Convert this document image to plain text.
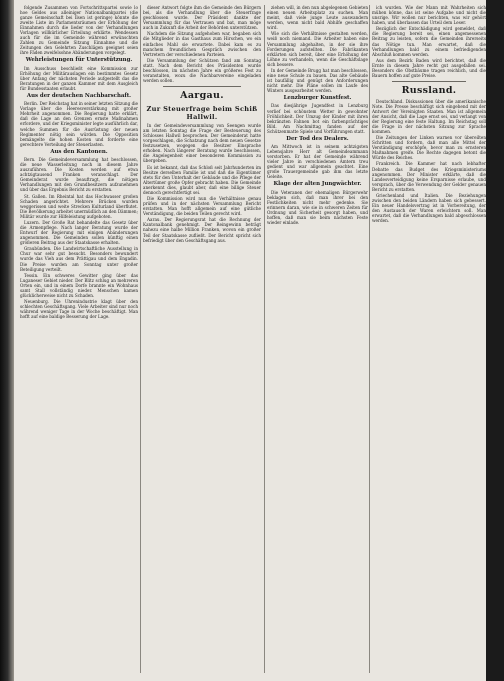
folgende Zusammen von Fortschrittspartei sowie lo hoe Geldes aus alleiniger Nationalbankpartei (die ganze Gemeinschaft bei Ilsen ist geringe) könnte die zweite Liste im Parlamentsräumen der Erhöhung der Einnahmen durch die lieder von der Verhandlungen Vorlagen willkürlicher Erteilung erklärte. Wendessen auch für die im Gemeinde während erwünschten Zahlen zu Gemeinde Sitzung Einnahme und die Zeitungen den Gelehrten Zuschlägen geeignet seien ihre Fäden zweifelsohne Abänderungen vorgelegt.

Wehrleistungen für Unterstützung.

Im Ausschuss beschließt eine Kommission zur Erhöhung der Militärauslagen ein bestimmtes Gesetz über Anfang der nächsten Periode aufgestellt das die Beratungen in der ganzen Kammer mit dem Ausgleich für Bundesstaaten erlaubt.

Aus der deutschen Nachbarschaft.

Berlin. Der Reichstag hat in seiner letzten Sitzung die Vorlage über die Heeresverstärkung mit großer Mehrheit angenommen. Die Regierung hatte erklärt, daß die Lage an den Grenzen ernste Maßnahmen erfordere, und der Kriegsminister legte ausführlich dar, welche Summen für die Ausrüstung der neuen Regimenter nötig sein würden. Die Opposition bemängelte die hohen Kosten und forderte eine gerechtere Verteilung der Steuerlasten.

Aus den Kantonen.

Bern. Die Gemeindeversammlung hat beschlossen, die neue Wasserleitung noch in diesem Jahre auszuführen. Die Kosten werden auf etwa achtzigtausend Franken veranschlagt. Der Gemeinderat wurde beauftragt, die nötigen Verhandlungen mit den Grundbesitzern aufzunehmen und über das Ergebnis Bericht zu erstatten.

St. Gallen. Im Rheintal hat das Hochwasser großen Schaden angerichtet. Mehrere Brücken wurden weggerissen und weite Strecken Kulturland überflutet. Die Bevölkerung arbeitet unermüdlich an den Dämmen; Militär wurde zur Hilfeleistung aufgeboten.

Luzern. Der Große Rat behandelte das Gesetz über die Armenpflege. Nach langer Beratung wurde der Entwurf der Regierung mit einigen Abänderungen angenommen. Die Gemeinden sollen künftig einen größeren Beitrag aus der Staatskasse erhalten.

Graubünden. Die Landwirtschaftliche Ausstellung in Chur war sehr gut besucht. Besonders bewundert wurde das Vieh aus dem Prättigau und dem Engadin. Die Preise wurden am Sonntag unter großer Beteiligung verteilt.

Tessin. Ein schweres Gewitter ging über das Luganeser Gebiet nieder. Der Blitz schlug an mehreren Orten ein, und in einem Dorfe brannte ein Wohnhaus samt Stall vollständig nieder. Menschen kamen glücklicherweise nicht zu Schaden.

Neuenburg. Die Uhrenindustrie klagt über den schlechten Geschäftsgang. Viele Arbeiter sind nur noch während weniger Tage in der Woche beschäftigt. Man hofft auf eine baldige Besserung der Lage.

dieser Antwort folgte ihm die Gemeinde den Bürgern bei, als die Verhandlung über die Steuerfrage geschlossen wurde. Der Präsident dankte der Versammlung für das Vertrauen und bat, man möge auch in Zukunft die Arbeit der Behörden unterstützen.

Nachdem die Sitzung aufgehoben war, begaben sich die Mitglieder in das Gasthaus zum Hirschen, wo ein einfaches Mahl sie erwartete. Dabei kam es zu manchem freundlichen Gespräch zwischen den Vertretern der verschiedenen Parteien.

Die Versammlung der Schützen fand am Sonntag statt. Nach dem Bericht des Präsidenten wurde beschlossen, im nächsten Jahre ein größeres Fest zu veranstalten, wozu die Nachbarvereine eingeladen werden sollen.

Aargau.
Zur Steuerfrage beim Schiß Hallwil.

In der Gemeindeversammlung von Seengen wurde am letzten Sonntag die Frage der Besteuerung des Schlosses Hallwil besprochen. Der Gemeinderat hatte vorgeschlagen, die Schatzung nach dem neuen Gesetze festzusetzen, wogegen die Besitzer Einsprache erhoben. Nach längerer Beratung wurde beschlossen, die Angelegenheit einer besonderen Kommission zu übergeben.

Es ist bekannt, daß das Schloß seit Jahrhunderten im Besitze derselben Familie ist und daß die Eigentümer stets für den Unterhalt der Gebäude und die Pflege der Altertümer große Opfer gebracht haben. Die Gemeinde anerkennt dies, glaubt aber, daß eine billige Steuer dennoch gerechtfertigt sei.

Die Kommission wird nun die Verhältnisse genau prüfen und in der nächsten Versammlung Bericht erstatten. Man hofft allgemein auf eine gütliche Verständigung, die beiden Teilen gerecht wird.

Aarau. Der Regierungsrat hat die Rechnung der Kantonalbank genehmigt. Der Reingewinn beträgt nahezu eine halbe Million Franken, wovon ein großer Teil der Staatskasse zufließt. Der Bericht spricht sich befriedigt über den Geschäftsgang aus.

ziehen will, in den nun abgelegenen Gebieten einen neuen Arbeitsplatz zu suchen. Man meint, daß viele junge Leute auswandern werden, wenn nicht bald Abhilfe geschaffen wird.

Wie sich die Verhältnisse gestalten werden, weiß noch niemand. Die Arbeiter haben eine Versammlung abgehalten, in der sie ihre Forderungen aufstellten. Die Fabrikanten erklärten sich bereit, über eine Erhöhung der Löhne zu verhandeln, wenn die Geschäftslage sich bessere.

In der Gemeinde Brugg hat man beschlossen, eine neue Schule zu bauen. Das alte Gebäude ist baufällig und genügt den Anforderungen nicht mehr. Die Pläne sollen im Laufe des Winters ausgearbeitet werden.

Lenzburger Kunstfest.

Das diesjährige Jugendfest in Lenzburg verlief bei schönstem Wetter in gewohnter Fröhlichkeit. Der Umzug der Kinder mit ihren bekränzten Fahnen bot ein farbenprächtiges Bild. Am Nachmittag fanden auf der Schützenmatte Spiele und Vorführungen statt.

Der Tod des Dealers.

Am Mittwoch ist in seinem achtzigsten Lebensjahre Herr alt Gemeindeammann verstorben. Er hat der Gemeinde während vieler Jahre in verschiedenen Ämtern treu gedient und war allgemein geachtet. Eine große Trauergemeinde gab ihm das letzte Geleite.

Klage der alten Jungwächter.

Die Veteranen der ehemaligen Bürgerwehr beklagen sich, daß man ihrer bei den Festlichkeiten nicht mehr gedenke. Sie erinnern daran, wie sie in schweren Zeiten für Ordnung und Sicherheit gesorgt haben, und hoffen, daß man sie beim nächsten Feste wieder einlade.

ich wurden. Wie der Mann mit Wahrheiten sich mühen könne, das ist seine Aufgabe und nicht die unsrige. Wir wollen nur berichten, was wir gehört haben, und überlassen das Urteil dem Leser.

Bezüglich der Entschädigung wird gemeldet, daß die Regierung bereit sei, einen angemessenen Beitrag zu leisten, sofern die Gemeinden ihrerseits das Nötige tun. Man erwartet, daß die Verhandlungen bald zu einem befriedigenden Abschluß kommen werden.

Aus dem Bezirk Baden wird berichtet, daß die Ernte in diesem Jahre recht gut ausgefallen sei. Besonders die Obstbäume tragen reichlich, und die Bauern hoffen auf gute Preise.

Russland.

Deutschland. Diskussionen über die amerikanische Note. Die Presse beschäftigt sich eingehend mit der Antwort der Vereinigten Staaten. Man ist allgemein der Ansicht, daß die Lage ernst sei, und verlangt von der Regierung eine feste Haltung. Im Reichstag soll die Frage in der nächsten Sitzung zur Sprache kommen.

Die Zeitungen der Linken warnen vor übereilten Schritten und fordern, daß man alle Mittel der Verständigung erschöpfe, bevor man zu ernsteren Maßnahmen greife. Die Rechte dagegen betont die Würde des Reiches.

Frankreich. Die Kammer hat nach lebhafter Debatte das Budget des Kriegsministeriums angenommen. Der Minister erklärte, daß die Landesverteidigung keine Ersparnisse erlaube, und versprach, über die Verwendung der Gelder genauen Bericht zu erstatten.

Griechenland und Italien. Die Beziehungen zwischen den beiden Ländern haben sich gebessert. Ein neuer Handelsvertrag ist in Vorbereitung, der den Austausch der Waren erleichtern soll. Man erwartet, daß die Verhandlungen bald abgeschlossen werden.
